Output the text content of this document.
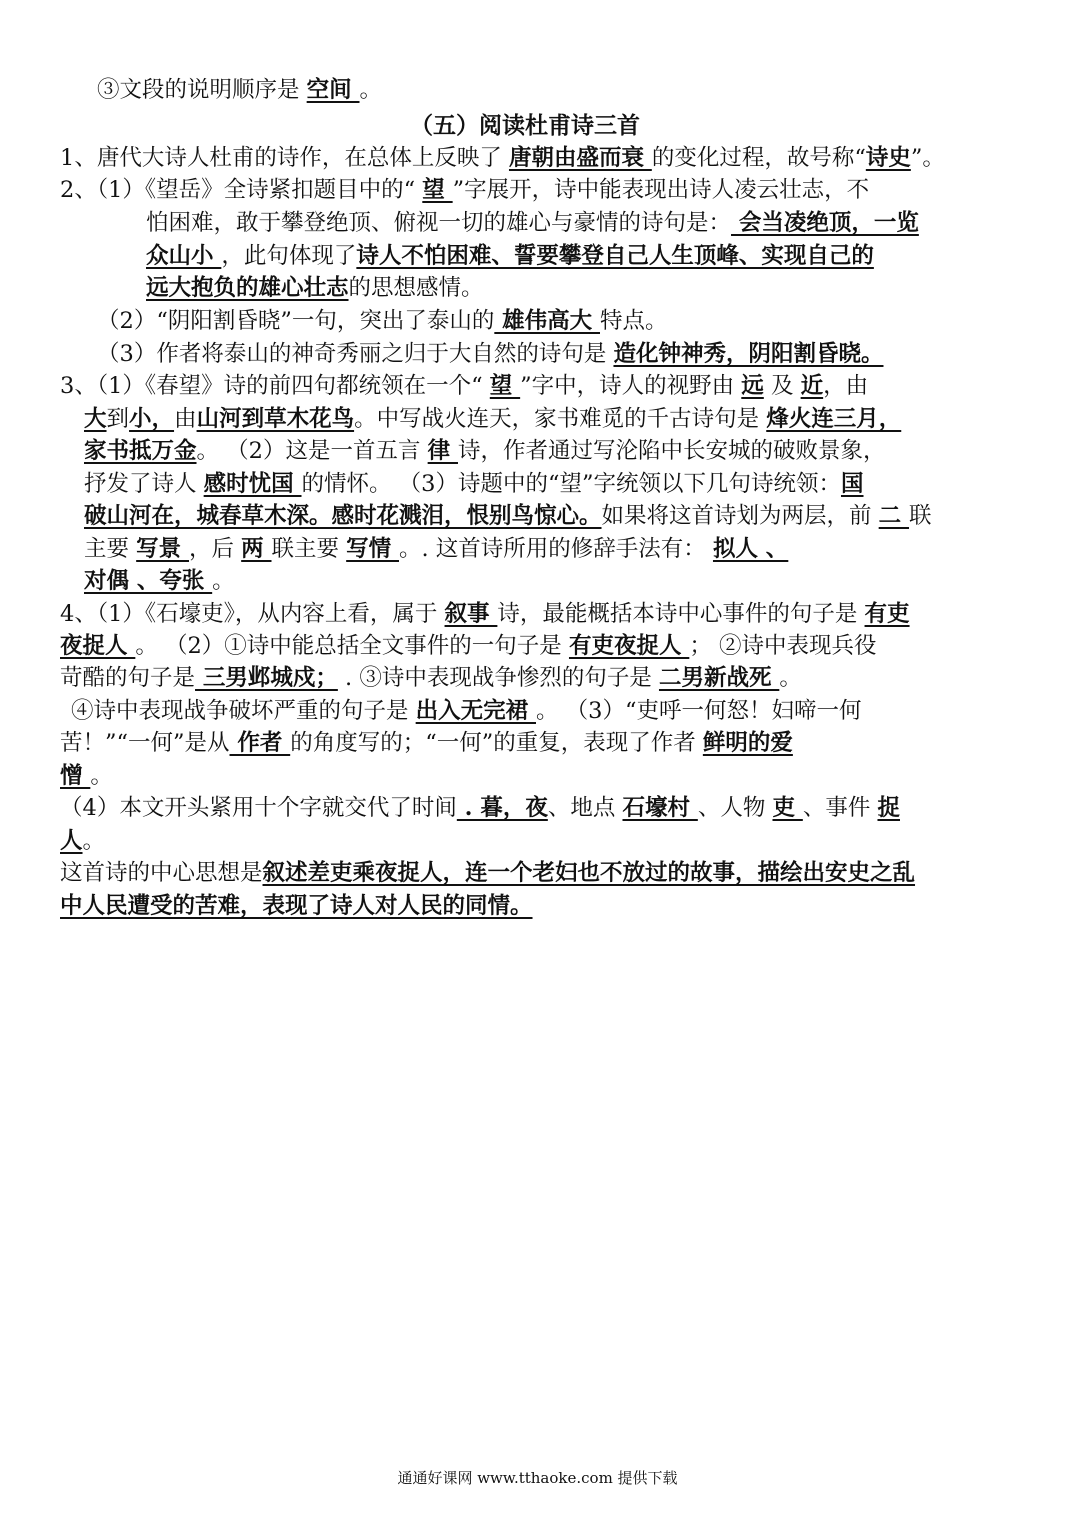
③文段的说明顺序是 空间 。
（五）阅读杜甫诗三首
1、唐代大诗人杜甫的诗作，在总体上反映了 唐朝由盛而衰 的变化过程，故号称“诗史”。
2、（1）《望岳》全诗紧扣题目中的“ 望 ”字展开，诗中能表现出诗人凌云壮志，不
怕困难，敢于攀登绝顶、俯视一切的雄心与豪情的诗句是： 会当凌绝顶，一览
众山小 ，此句体现了诗人不怕困难、誓要攀登自己人生顶峰、实现自己的
远大抱负的雄心壮志的思想感情。
（2）“阴阳割昏晓”一句，突出了泰山的 雄伟高大 特点。
（3）作者将泰山的神奇秀丽之归于大自然的诗句是 造化钟神秀，阴阳割昏晓。
3、（1）《春望》诗的前四句都统领在一个“ 望 ”字中，诗人的视野由 远 及 近，由
大到小，由山河到草木花鸟。中写战火连天，家书难觅的千古诗句是 烽火连三月，
家书抵万金。 （2）这是一首五言 律 诗，作者通过写沦陷中长安城的破败景象，
抒发了诗人 感时忧国 的情怀。 （3）诗题中的“望”字统领以下几句诗统领：国
破山河在，城春草木深。感时花溅泪，恨别鸟惊心。如果将这首诗划为两层，前 二 联
主要 写景 ，后 两 联主要 写情 。. 这首诗所用的修辞手法有： 拟人 、
对偶 、夸张 。
4、（1）《石壕吏》，从内容上看，属于 叙事 诗，最能概括本诗中心事件的句子是 有吏
夜捉人 。 （2）①诗中能总括全文事件的一句子是 有吏夜捉人 ； ②诗中表现兵役
苛酷的句子是 三男邺城戍； . ③诗中表现战争惨烈的句子是 二男新战死 。
④诗中表现战争破坏严重的句子是 出入无完裙 。 （3）“吏呼一何怒！妇啼一何
苦！”“一何”是从 作者 的角度写的；“一何”的重复，表现了作者 鲜明的爱
憎 。
（4）本文开头紧用十个字就交代了时间 . 暮，夜、地点 石壕村 、人物 吏 、事件 捉
人。
这首诗的中心思想是叙述差吏乘夜捉人，连一个老妇也不放过的故事，描绘出安史之乱
中人民遭受的苦难，表现了诗人对人民的同情。
通通好课网 www.tthaoke.com 提供下载
